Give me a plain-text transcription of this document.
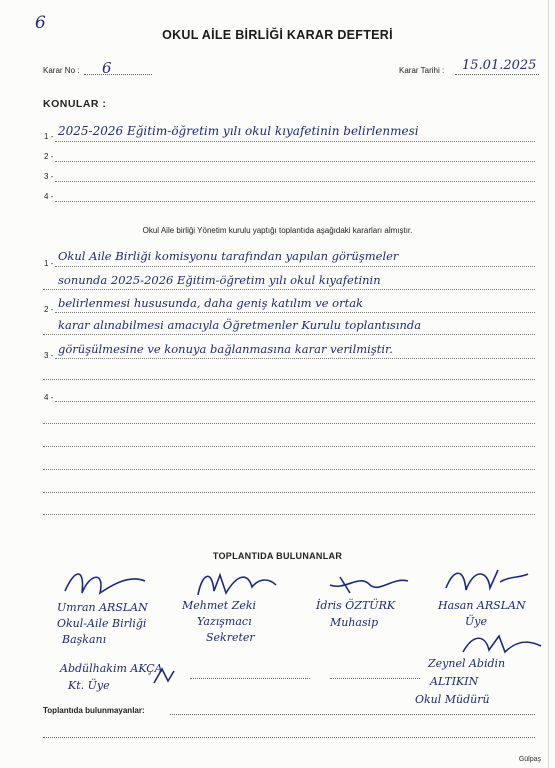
6
OKUL AİLE BİRLİĞİ KARAR DEFTERİ
Karar No : 6	Karar Tarihi : 15.01.2025
KONULAR :
1 - 2025-2026 Eğitim-öğretim yılı okul kıyafetinin belirlenmesi
2 -
3 -
4 -
Okul Aile birliği Yönetim kurulu yaptığı toplantıda aşağıdaki kararları almıştır.
1 -
Okul Aile Birliği komisyonu tarafından yapılan görüşmeler
sonunda 2025-2026 Eğitim-öğretim yılı okul kıyafetinin
2 - belirlenmesi hususunda, daha geniş katılım ve ortak
karar alınabilmesi amacıyla Öğretmenler Kurulu toplantısında
3 - görüşülmesine ve konuya bağlanmasına karar verilmiştir.
4 -
TOPLANTIDA BULUNANLAR
Umran ARSLAN
Okul-Aile Birliği
Başkanı
Mehmet Zeki
Yazışmacı
Sekreter
İdris ÖZTÜRK
Muhasip
Hasan ARSLAN
Üye
Abdülhakim AKÇA
Kt. Üye
Zeynel Abidin
ALTIKIN
Okul Müdürü
Toplantıda bulunmayanlar:
Gülpaş
